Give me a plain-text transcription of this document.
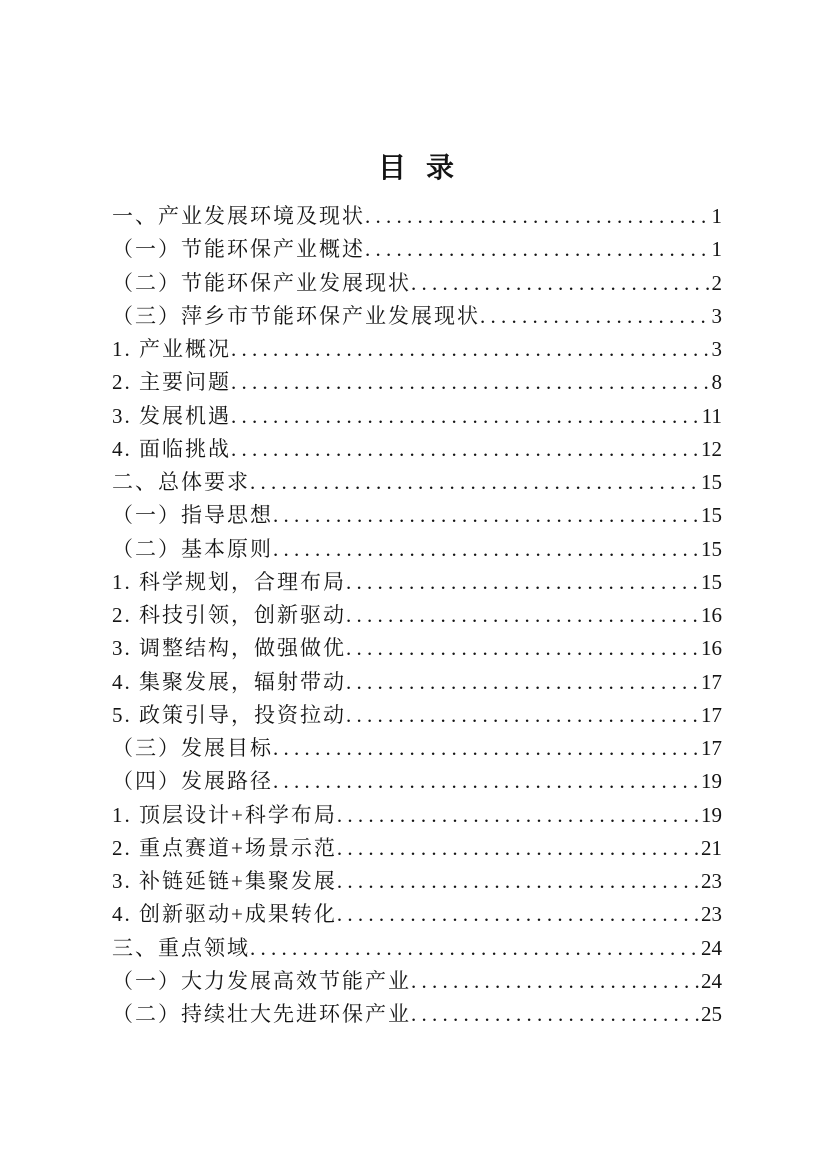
目  录
一、产业发展环境及现状 . . .	1
（一）节能环保产业概述 . . .	1
（二）节能环保产业发展现状 . . .	2
（三）萍乡市节能环保产业发展现状 . . .	3
1. 产业概况 . . .	3
2. 主要问题 . . .	8
3. 发展机遇 . . .	11
4. 面临挑战 . . .	12
二、总体要求 . . .	15
（一）指导思想 . . .	15
（二）基本原则 . . .	15
1. 科学规划，合理布局 . . .	15
2. 科技引领，创新驱动 . . .	16
3. 调整结构，做强做优 . . .	16
4. 集聚发展，辐射带动 . . .	17
5. 政策引导，投资拉动 . . .	17
（三）发展目标 . . .	17
（四）发展路径 . . .	19
1. 顶层设计+科学布局 . . .	19
2. 重点赛道+场景示范 . . .	21
3. 补链延链+集聚发展 . . .	23
4. 创新驱动+成果转化 . . .	23
三、重点领域 . . .	24
（一）大力发展高效节能产业 . . .	24
（二）持续壮大先进环保产业 . . .	25
